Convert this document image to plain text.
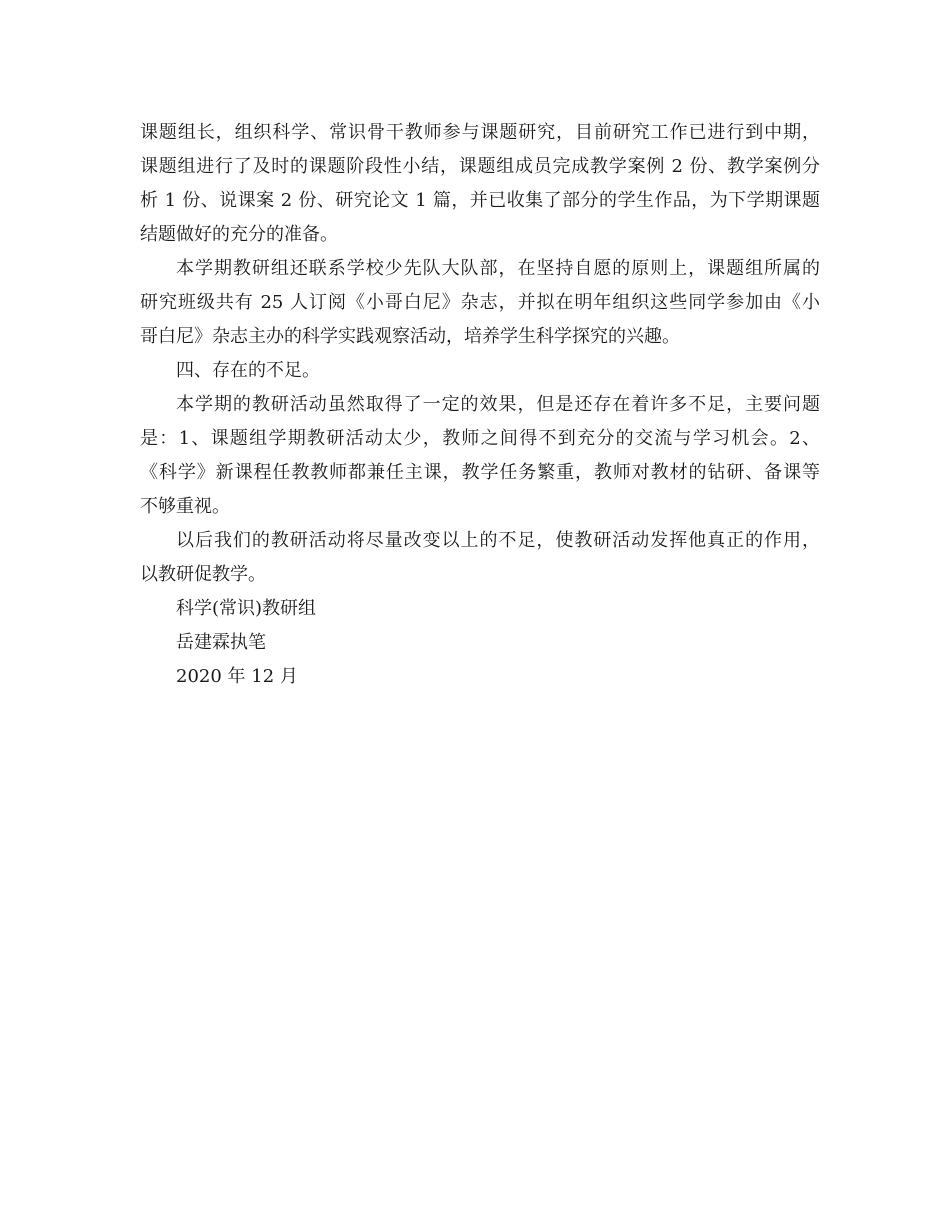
课题组长，组织科学、常识骨干教师参与课题研究，目前研究工作已进行到中期，
课题组进行了及时的课题阶段性小结，课题组成员完成教学案例 2 份、教学案例分
析 1 份、说课案 2 份、研究论文 1 篇，并已收集了部分的学生作品，为下学期课题
结题做好的充分的准备。
本学期教研组还联系学校少先队大队部，在坚持自愿的原则上，课题组所属的
研究班级共有 25 人订阅《小哥白尼》杂志，并拟在明年组织这些同学参加由《小
哥白尼》杂志主办的科学实践观察活动，培养学生科学探究的兴趣。
四、存在的不足。
本学期的教研活动虽然取得了一定的效果，但是还存在着许多不足，主要问题
是：1、课题组学期教研活动太少，教师之间得不到充分的交流与学习机会。2、
《科学》新课程任教教师都兼任主课，教学任务繁重，教师对教材的钻研、备课等
不够重视。
以后我们的教研活动将尽量改变以上的不足，使教研活动发挥他真正的作用，
以教研促教学。
科学(常识)教研组
岳建霖执笔
2020 年 12 月
